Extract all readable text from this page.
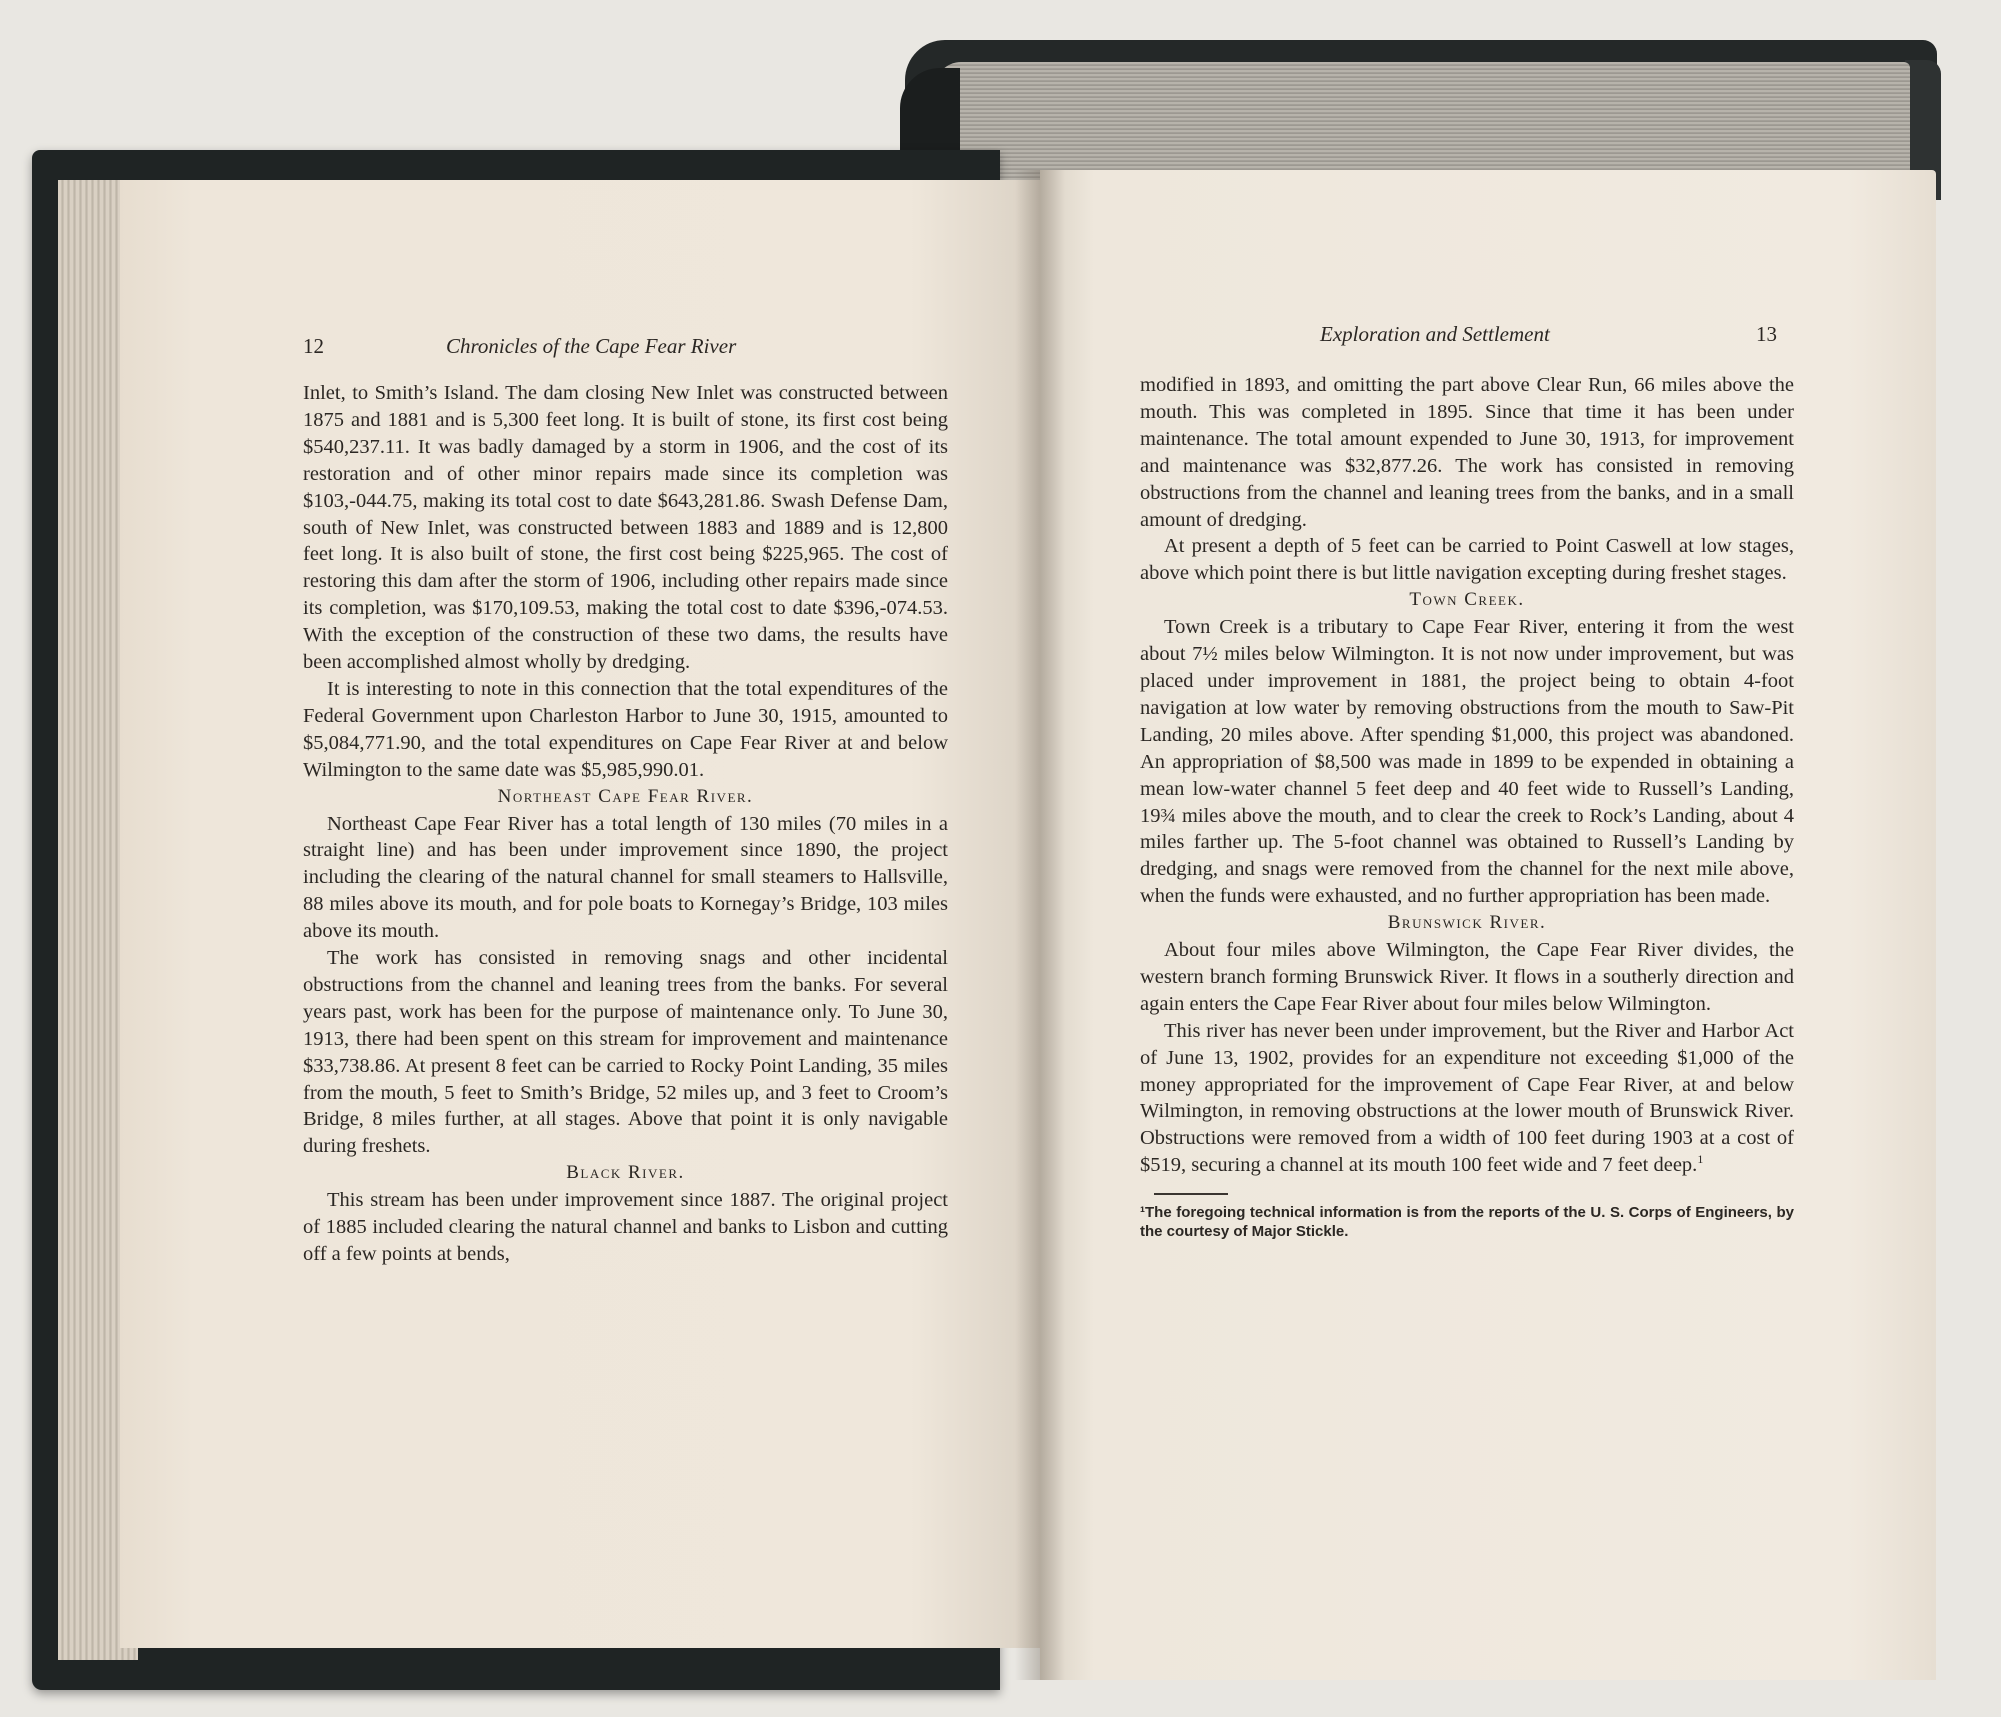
12	Chronicles of the Cape Fear River	Exploration and Settlement	13

Inlet, to Smith’s Island. The dam closing New Inlet was constructed between 1875 and 1881 and is 5,300 feet long. It is built of stone, its first cost being $540,237.11. It was badly damaged by a storm in 1906, and the cost of its restoration and of other minor repairs made since its completion was $103,-044.75, making its total cost to date $643,281.86. Swash Defense Dam, south of New Inlet, was constructed between 1883 and 1889 and is 12,800 feet long. It is also built of stone, the first cost being $225,965. The cost of restoring this dam after the storm of 1906, including other repairs made since its completion, was $170,109.53, making the total cost to date $396,-074.53. With the exception of the construction of these two dams, the results have been accomplished almost wholly by dredging.

It is interesting to note in this connection that the total expenditures of the Federal Government upon Charleston Harbor to June 30, 1915, amounted to $5,084,771.90, and the total expenditures on Cape Fear River at and below Wilmington to the same date was $5,985,990.01.

Northeast Cape Fear River.

Northeast Cape Fear River has a total length of 130 miles (70 miles in a straight line) and has been under improvement since 1890, the project including the clearing of the natural channel for small steamers to Hallsville, 88 miles above its mouth, and for pole boats to Kornegay’s Bridge, 103 miles above its mouth.

The work has consisted in removing snags and other incidental obstructions from the channel and leaning trees from the banks. For several years past, work has been for the purpose of maintenance only. To June 30, 1913, there had been spent on this stream for improvement and maintenance $33,738.86. At present 8 feet can be carried to Rocky Point Landing, 35 miles from the mouth, 5 feet to Smith’s Bridge, 52 miles up, and 3 feet to Croom’s Bridge, 8 miles further, at all stages. Above that point it is only navigable during freshets.

Black River.

This stream has been under improvement since 1887. The original project of 1885 included clearing the natural channel and banks to Lisbon and cutting off a few points at bends,

modified in 1893, and omitting the part above Clear Run, 66 miles above the mouth. This was completed in 1895. Since that time it has been under maintenance. The total amount expended to June 30, 1913, for improvement and maintenance was $32,877.26. The work has consisted in removing obstructions from the channel and leaning trees from the banks, and in a small amount of dredging.

At present a depth of 5 feet can be carried to Point Caswell at low stages, above which point there is but little navigation excepting during freshet stages.

Town Creek.

Town Creek is a tributary to Cape Fear River, entering it from the west about 7½ miles below Wilmington. It is not now under improvement, but was placed under improvement in 1881, the project being to obtain 4-foot navigation at low water by removing obstructions from the mouth to Saw-Pit Landing, 20 miles above. After spending $1,000, this project was abandoned. An appropriation of $8,500 was made in 1899 to be expended in obtaining a mean low-water channel 5 feet deep and 40 feet wide to Russell’s Landing, 19¾ miles above the mouth, and to clear the creek to Rock’s Landing, about 4 miles farther up. The 5-foot channel was obtained to Russell’s Landing by dredging, and snags were removed from the channel for the next mile above, when the funds were exhausted, and no further appropriation has been made.

Brunswick River.

About four miles above Wilmington, the Cape Fear River divides, the western branch forming Brunswick River. It flows in a southerly direction and again enters the Cape Fear River about four miles below Wilmington.

This river has never been under improvement, but the River and Harbor Act of June 13, 1902, provides for an expenditure not exceeding $1,000 of the money appropriated for the improvement of Cape Fear River, at and below Wilmington, in removing obstructions at the lower mouth of Brunswick River. Obstructions were removed from a width of 100 feet during 1903 at a cost of $519, securing a channel at its mouth 100 feet wide and 7 feet deep.$^1$

¹The foregoing technical information is from the reports of the U. S. Corps of Engineers, by the courtesy of Major Stickle.
